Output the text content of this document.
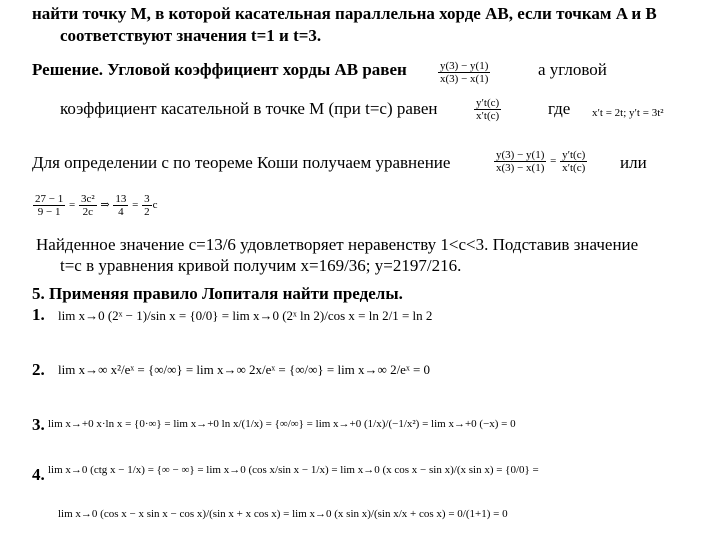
найти точку M, в которой касательная параллельна хорде AB, если точкам A и B
соответствуют значения t=1 и t=3.
Решение. Угловой коэффициент хорды АВ равен	а угловой
коэффициент касательной в точке M (при t=c) равен	где
Для определении c по теореме Коши получаем уравнение	или
Найденное значение c=13/6 удовлетворяет неравенству 1<c<3. Подставив значение
t=c в уравнения кривой получим x=169/36; y=2197/216.
5. Применяя правило Лопиталя найти пределы.
1.
2.
3.
4.
$\frac{y(3) - y(1)}{x(3) - x(1)}$
$\frac{y't(c)}{x't(c)}$	x′t = 2t; y′t = 3t²
$\frac{y(3) - y(1)}{x(3) - x(1)} = \frac{y't(c)}{x't(c)}$
$\frac{27 - 1}{9 - 1} = \frac{\text{3c²}}{2c}$ ⇒ $\frac{13}{4} = \frac{3}{2}$ c
lim x→0 (2ˣ − 1)/sin x = {0/0} = lim x→0 (2ˣ ln 2)/cos x = ln 2/1 = ln 2
lim x→∞ x²/eˣ = {∞/∞} = lim x→∞ 2x/eˣ = {∞/∞} = lim x→∞ 2/eˣ = 0
lim x→+0 x·ln x = {0·∞} = lim x→+0 ln x/(1/x) = {∞/∞} = lim x→+0 (1/x)/(−1/x²) = lim x→+0 (−x) = 0
lim x→0 (ctg x − 1/x) = {∞ − ∞} = lim x→0 (cos x/sin x − 1/x) = lim x→0 (x cos x − sin x)/(x sin x) = {0/0} =
lim x→0 (cos x − x sin x − cos x)/(sin x + x cos x) = lim x→0 (x sin x)/(sin x/x + cos x) = 0/(1+1) = 0
